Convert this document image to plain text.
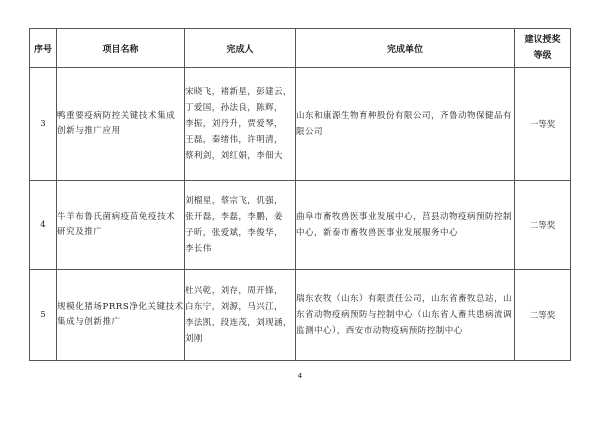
序号	项目名称	完成人	完成单位	建议授奖
等级

3	鸭重要疫病防控关键技术集成创新与推广应用	宋晓飞，褚新星，彭建云，
丁爱国，孙法良，陈辉，
李振，刘丹升，贾爱琴，
王磊，秦绪伟，许明清，
蔡利剑，刘红娟，李佃大	山东和康源生物育种股份有限公司，齐鲁动物保健品有限公司	一等奖
4	牛羊布鲁氏菌病疫苗免疫技术研究及推广	刘榴星，蔡宗飞，仉强，
张开磊，李磊，李鹏，姜
子昕，张爱斌，李俊华，
李长伟	曲阜市畜牧兽医事业发展中心，莒县动物疫病预防控制中心，新泰市畜牧兽医事业发展服务中心	二等奖
5	规模化猪场PRRS净化关键技术集成与创新推广	杜兴乾，刘存，周开锋，
白东宁，刘源，马兴江，
李法凯，段连茂，刘现涵，
刘刚	瑞东农牧（山东）有限责任公司，山东省畜牧总站，山东省动物疫病预防与控制中心（山东省人畜共患病流调监测中心），西安市动物疫病预防控制中心	二等奖
4
